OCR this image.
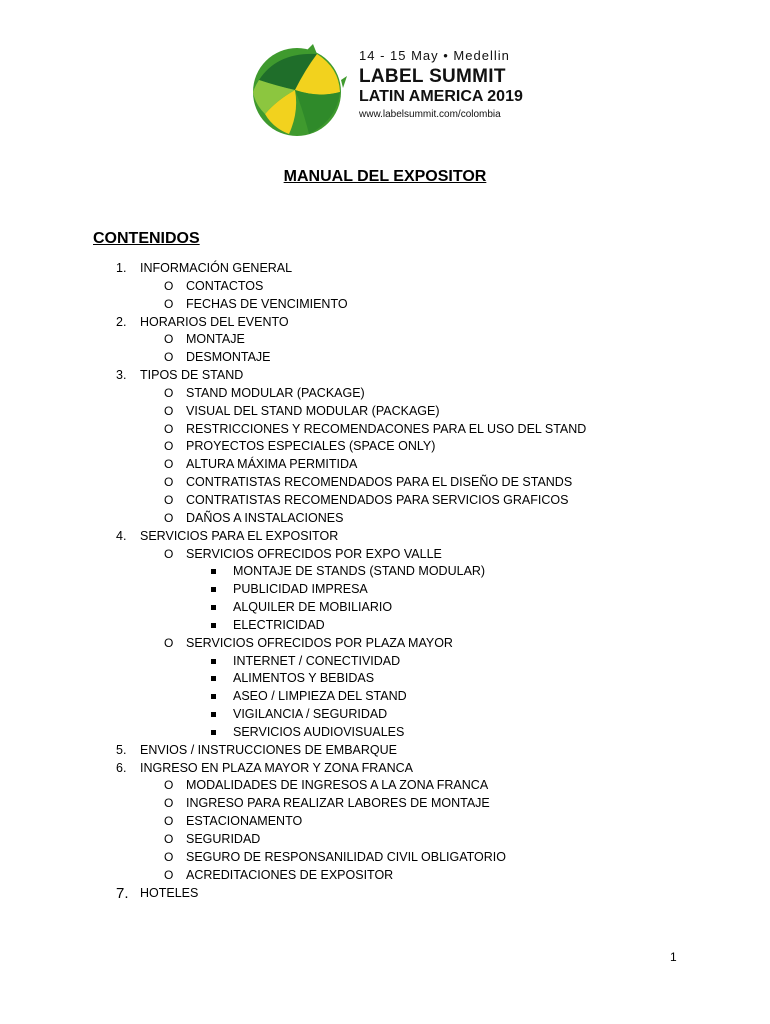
14 - 15 May • Medellin
LABEL SUMMIT
LATIN AMERICA 2019
www.labelsummit.com/colombia
MANUAL DEL EXPOSITOR
CONTENIDOS
1. INFORMACIÓN GENERAL
O CONTACTOS
O FECHAS DE VENCIMIENTO
2. HORARIOS DEL EVENTO
O MONTAJE
O DESMONTAJE
3. TIPOS DE STAND
O STAND MODULAR (PACKAGE)
O VISUAL DEL STAND MODULAR (PACKAGE)
O RESTRICCIONES Y RECOMENDACONES PARA EL USO DEL STAND
O PROYECTOS ESPECIALES (SPACE ONLY)
O ALTURA MÁXIMA PERMITIDA
O CONTRATISTAS RECOMENDADOS PARA EL DISEÑO DE STANDS
O CONTRATISTAS RECOMENDADOS PARA SERVICIOS GRAFICOS
O DAÑOS A INSTALACIONES
4. SERVICIOS PARA EL EXPOSITOR
O SERVICIOS OFRECIDOS POR EXPO VALLE
MONTAJE DE STANDS (STAND MODULAR)
PUBLICIDAD IMPRESA
ALQUILER DE MOBILIARIO
ELECTRICIDAD
O SERVICIOS OFRECIDOS POR PLAZA MAYOR
INTERNET / CONECTIVIDAD
ALIMENTOS Y BEBIDAS
ASEO / LIMPIEZA DEL STAND
VIGILANCIA / SEGURIDAD
SERVICIOS AUDIOVISUALES
5. ENVIOS / INSTRUCCIONES DE EMBARQUE
6. INGRESO EN PLAZA MAYOR Y ZONA FRANCA
O MODALIDADES DE INGRESOS A LA ZONA FRANCA
O INGRESO PARA REALIZAR LABORES DE MONTAJE
O ESTACIONAMENTO
O SEGURIDAD
O SEGURO DE RESPONSANILIDAD CIVIL OBLIGATORIO
O ACREDITACIONES DE EXPOSITOR
7. HOTELES
1
